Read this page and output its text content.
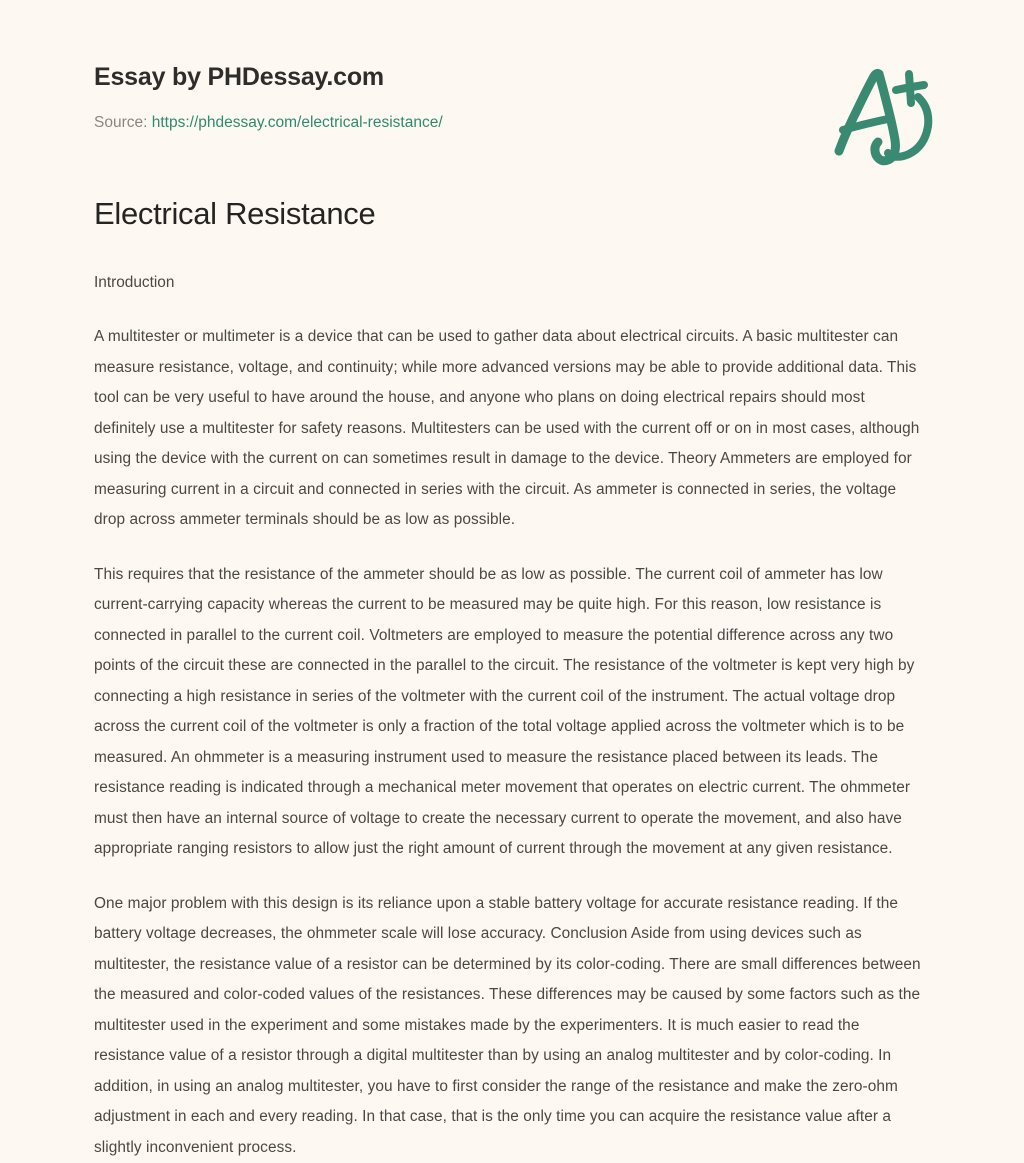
Essay by PHDessay.com
Source: https://phdessay.com/electrical-resistance/
Electrical Resistance
Introduction

A multitester or multimeter is a device that can be used to gather data about electrical circuits. A basic multitester can measure resistance, voltage, and continuity; while more advanced versions may be able to provide additional data. This tool can be very useful to have around the house, and anyone who plans on doing electrical repairs should most definitely use a multitester for safety reasons. Multitesters can be used with the current off or on in most cases, although using the device with the current on can sometimes result in damage to the device. Theory Ammeters are employed for measuring current in a circuit and connected in series with the circuit. As ammeter is connected in series, the voltage drop across ammeter terminals should be as low as possible.

This requires that the resistance of the ammeter should be as low as possible. The current coil of ammeter has low current-carrying capacity whereas the current to be measured may be quite high. For this reason, low resistance is connected in parallel to the current coil. Voltmeters are employed to measure the potential difference across any two points of the circuit these are connected in the parallel to the circuit. The resistance of the voltmeter is kept very high by connecting a high resistance in series of the voltmeter with the current coil of the instrument. The actual voltage drop across the current coil of the voltmeter is only a fraction of the total voltage applied across the voltmeter which is to be measured. An ohmmeter is a measuring instrument used to measure the resistance placed between its leads. The resistance reading is indicated through a mechanical meter movement that operates on electric current. The ohmmeter must then have an internal source of voltage to create the necessary current to operate the movement, and also have appropriate ranging resistors to allow just the right amount of current through the movement at any given resistance.

One major problem with this design is its reliance upon a stable battery voltage for accurate resistance reading. If the battery voltage decreases, the ohmmeter scale will lose accuracy. Conclusion Aside from using devices such as multitester, the resistance value of a resistor can be determined by its color-coding. There are small differences between the measured and color-coded values of the resistances. These differences may be caused by some factors such as the multitester used in the experiment and some mistakes made by the experimenters. It is much easier to read the resistance value of a resistor through a digital multitester than by using an analog multitester and by color-coding. In addition, in using an analog multitester, you have to first consider the range of the resistance and make the zero-ohm adjustment in each and every reading. In that case, that is the only time you can acquire the resistance value after a slightly inconvenient process.
